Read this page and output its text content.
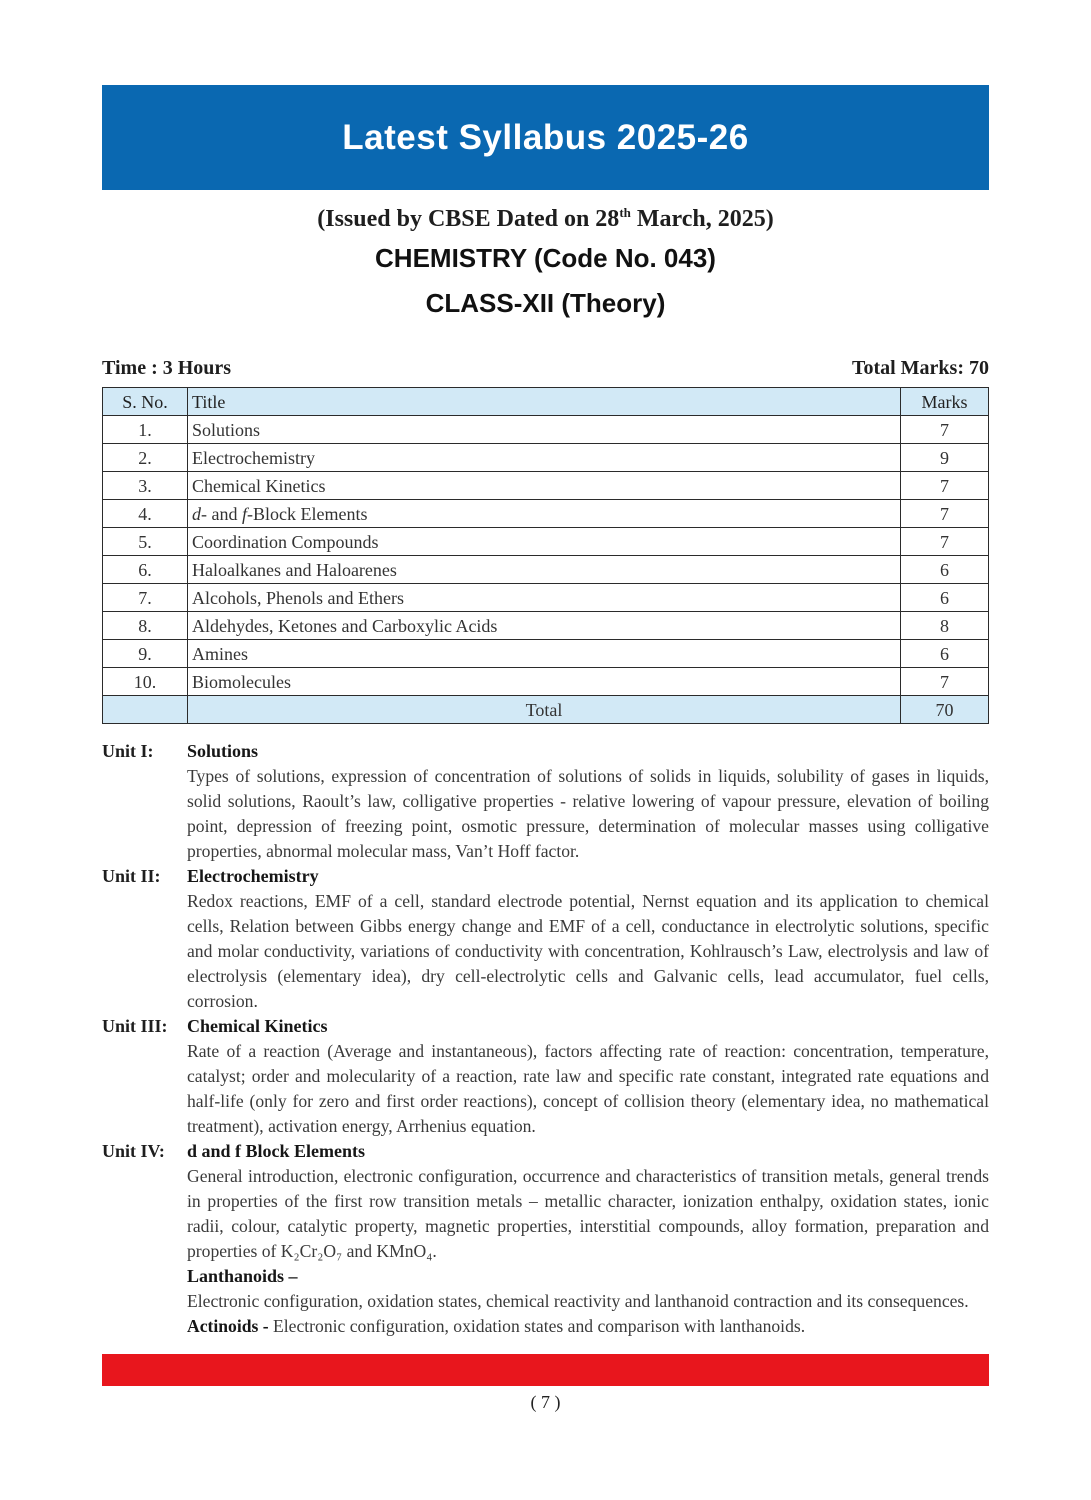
Latest Syllabus 2025-26
(Issued by CBSE Dated on 28th March, 2025)
CHEMISTRY (Code No. 043)
CLASS-XII (Theory)
Time : 3 Hours	Total Marks: 70
S. No.	Title	Marks
1.	Solutions	7
2.	Electrochemistry	9
3.	Chemical Kinetics	7
4.	d- and f-Block Elements	7
5.	Coordination Compounds	7
6.	Haloalkanes and Haloarenes	6
7.	Alcohols, Phenols and Ethers	6
8.	Aldehydes, Ketones and Carboxylic Acids	8
9.	Amines	6
10.	Biomolecules	7
	Total	70
Unit I:	Solutions

Types of solutions, expression of concentration of solutions of solids in liquids, solubility of gases in liquids, solid solutions, Raoult’s law, colligative properties - relative lowering of vapour pressure, elevation of boiling point, depression of freezing point, osmotic pressure, determination of molecular masses using colligative properties, abnormal molecular mass, Van’t Hoff factor.

Unit II:	Electrochemistry

Redox reactions, EMF of a cell, standard electrode potential, Nernst equation and its application to chemical cells, Relation between Gibbs energy change and EMF of a cell, conductance in electrolytic solutions, specific and molar conductivity, variations of conductivity with concentration, Kohlrausch’s Law, electrolysis and law of electrolysis (elementary idea), dry cell-electrolytic cells and Galvanic cells, lead accumulator, fuel cells, corrosion.

Unit III:	Chemical Kinetics

Rate of a reaction (Average and instantaneous), factors affecting rate of reaction: concentration, temperature, catalyst; order and molecularity of a reaction, rate law and specific rate constant, integrated rate equations and half-life (only for zero and first order reactions), concept of collision theory (elementary idea, no mathematical treatment), activation energy, Arrhenius equation.

Unit IV:	d and f Block Elements

General introduction, electronic configuration, occurrence and characteristics of transition metals, general trends in properties of the first row transition metals – metallic character, ionization enthalpy, oxidation states, ionic radii, colour, catalytic property, magnetic properties, interstitial compounds, alloy formation, preparation and properties of K₂Cr₂O₇ and KMnO₄.

Lanthanoids –

Electronic configuration, oxidation states, chemical reactivity and lanthanoid contraction and its consequences.

Actinoids - Electronic configuration, oxidation states and comparison with lanthanoids.

( 7 )
